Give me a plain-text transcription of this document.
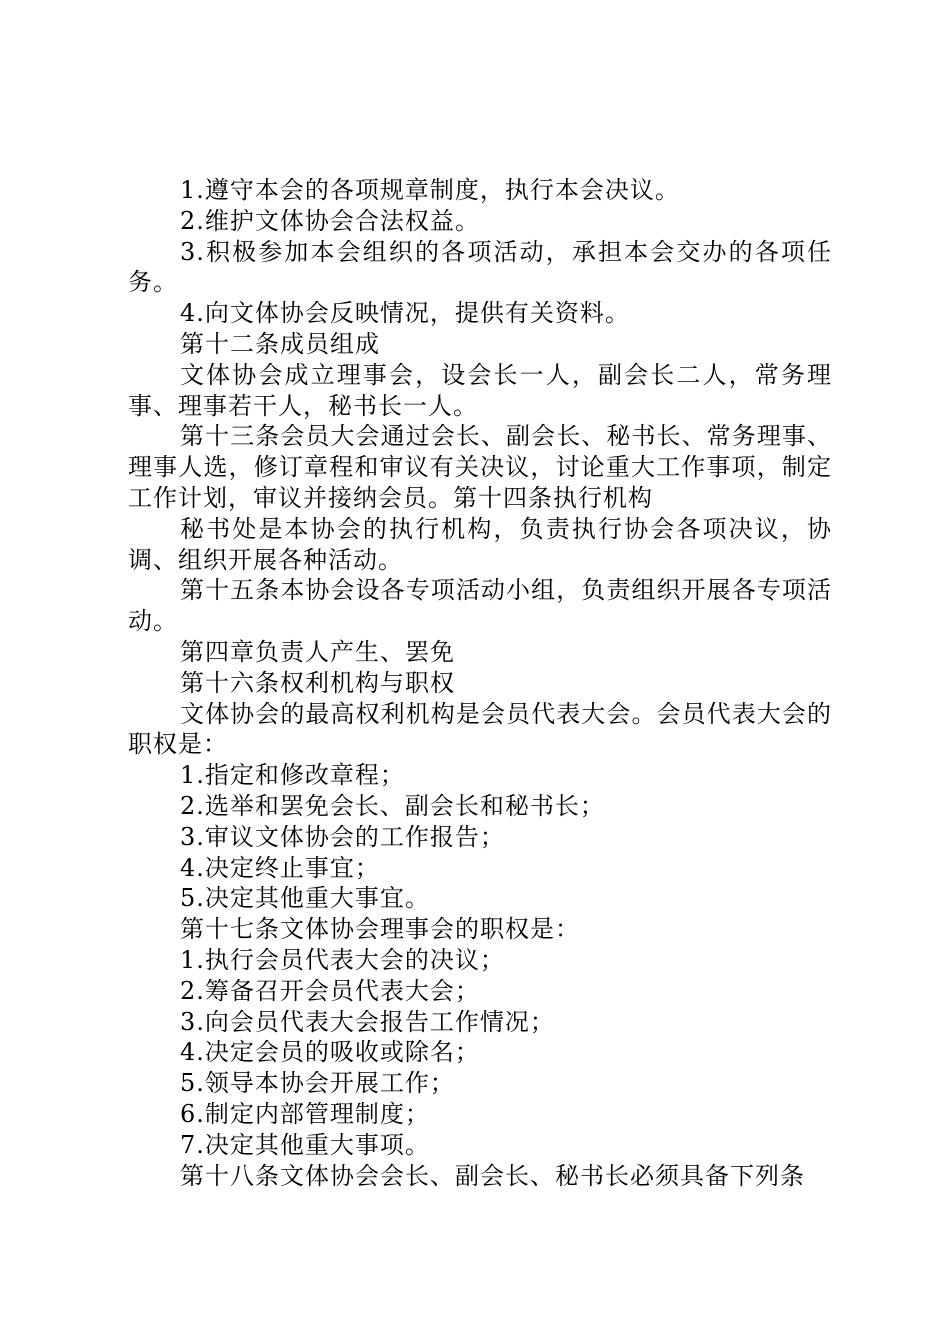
1.遵守本会的各项规章制度，执行本会决议。

2.维护文体协会合法权益。

3.积极参加本会组织的各项活动，承担本会交办的各项任务。

4.向文体协会反映情况，提供有关资料。

第十二条成员组成

文体协会成立理事会，设会长一人，副会长二人，常务理事、理事若干人，秘书长一人。

第十三条会员大会通过会长、副会长、秘书长、常务理事、理事人选，修订章程和审议有关决议，讨论重大工作事项，制定工作计划，审议并接纳会员。第十四条执行机构

秘书处是本协会的执行机构，负责执行协会各项决议，协调、组织开展各种活动。

第十五条本协会设各专项活动小组，负责组织开展各专项活动。

第四章负责人产生、罢免

第十六条权利机构与职权

文体协会的最高权利机构是会员代表大会。会员代表大会的职权是：

1.指定和修改章程；

2.选举和罢免会长、副会长和秘书长；

3.审议文体协会的工作报告；

4.决定终止事宜；

5.决定其他重大事宜。

第十七条文体协会理事会的职权是：

1.执行会员代表大会的决议；

2.筹备召开会员代表大会；

3.向会员代表大会报告工作情况；

4.决定会员的吸收或除名；

5.领导本协会开展工作；

6.制定内部管理制度；

7.决定其他重大事项。

第十八条文体协会会长、副会长、秘书长必须具备下列条
